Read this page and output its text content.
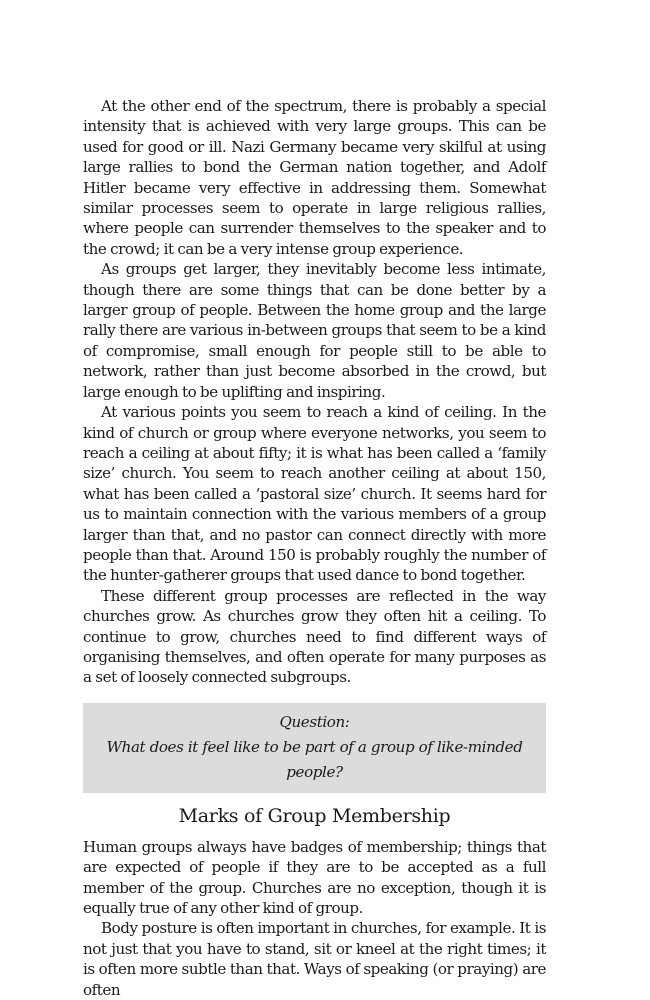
At the other end of the spectrum, there is probably a special intensity that is achieved with very large groups. This can be used for good or ill. Nazi Germany became very skilful at using large rallies to bond the German nation together, and Adolf Hitler became very effective in addressing them. Somewhat similar processes seem to operate in large religious rallies, where people can surrender themselves to the speaker and to the crowd; it can be a very intense group experience.

As groups get larger, they inevitably become less intimate, though there are some things that can be done better by a larger group of people. Between the home group and the large rally there are various in-between groups that seem to be a kind of compromise, small enough for people still to be able to network, rather than just become absorbed in the crowd, but large enough to be uplifting and inspiring.

At various points you seem to reach a kind of ceiling. In the kind of church or group where everyone networks, you seem to reach a ceiling at about fifty; it is what has been called a ‘family size’ church. You seem to reach another ceiling at about 150, what has been called a ‘pastoral size’ church. It seems hard for us to maintain connection with the various members of a group larger than that, and no pastor can connect directly with more people than that. Around 150 is probably roughly the number of the hunter-gatherer groups that used dance to bond together.

These different group processes are reflected in the way churches grow. As churches grow they often hit a ceiling. To continue to grow, churches need to find different ways of organising themselves, and often operate for many purposes as a set of loosely connected subgroups.

Question:
What does it feel like to be part of a group of like-minded people?
Marks of Group Membership

Human groups always have badges of membership; things that are expected of people if they are to be accepted as a full member of the group. Churches are no exception, though it is equally true of any other kind of group.

Body posture is often important in churches, for example. It is not just that you have to stand, sit or kneel at the right times; it is often more subtle than that. Ways of speaking (or praying) are often
